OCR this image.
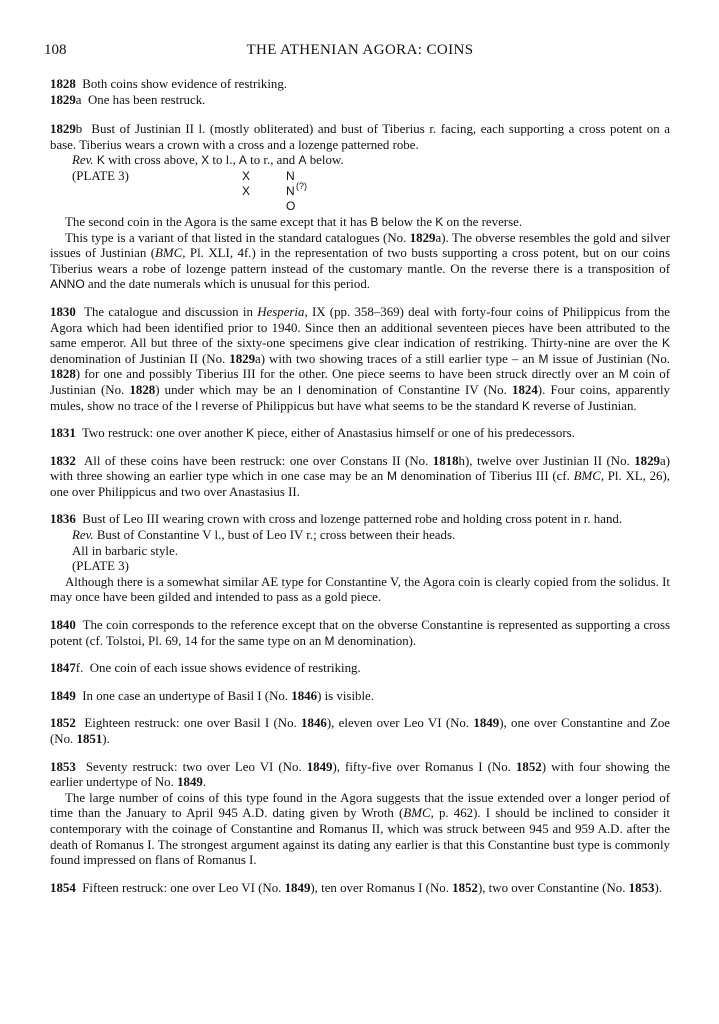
108	THE ATHENIAN AGORA: COINS

1828 Both coins show evidence of restriking.

1829a One has been restruck.

1829b Bust of Justinian II l. (mostly obliterated) and bust of Tiberius r. facing, each supporting a cross potent on a base. Tiberius wears a crown with a cross and a lozenge patterned robe.

Rev. K with cross above, X to l., A to r., and A below.

(PLATE 3)	X
X
N
N (?)
O

The second coin in the Agora is the same except that it has B below the K on the reverse.

This type is a variant of that listed in the standard catalogues (No. 1829a). The obverse resembles the gold and silver issues of Justinian (BMC, Pl. XLI, 4f.) in the representation of two busts supporting a cross potent, but on our coins Tiberius wears a robe of lozenge pattern instead of the customary mantle. On the reverse there is a transposition of ANNO and the date numerals which is unusual for this period.

1830 The catalogue and discussion in Hesperia, IX (pp. 358–369) deal with forty-four coins of Philippicus from the Agora which had been identified prior to 1940. Since then an additional seventeen pieces have been attributed to the same emperor. All but three of the sixty-one specimens give clear indication of restriking. Thirty-nine are over the K denomination of Justinian II (No. 1829a) with two showing traces of a still earlier type – an M issue of Justinian (No. 1828) for one and possibly Tiberius III for the other. One piece seems to have been struck directly over an M coin of Justinian (No. 1828) under which may be an I denomination of Constantine IV (No. 1824). Four coins, apparently mules, show no trace of the I reverse of Philippicus but have what seems to be the standard K reverse of Justinian.

1831 Two restruck: one over another K piece, either of Anastasius himself or one of his predecessors.

1832 All of these coins have been restruck: one over Constans II (No. 1818h), twelve over Justinian II (No. 1829a) with three showing an earlier type which in one case may be an M denomination of Tiberius III (cf. BMC, Pl. XL, 26), one over Philippicus and two over Anastasius II.

1836 Bust of Leo III wearing crown with cross and lozenge patterned robe and holding cross potent in r. hand.

Rev. Bust of Constantine V l., bust of Leo IV r.; cross between their heads.

All in barbaric style.

(PLATE 3)

Although there is a somewhat similar AE type for Constantine V, the Agora coin is clearly copied from the solidus. It may once have been gilded and intended to pass as a gold piece.

1840 The coin corresponds to the reference except that on the obverse Constantine is represented as supporting a cross potent (cf. Tolstoi, Pl. 69, 14 for the same type on an M denomination).

1847f. One coin of each issue shows evidence of restriking.

1849 In one case an undertype of Basil I (No. 1846) is visible.

1852 Eighteen restruck: one over Basil I (No. 1846), eleven over Leo VI (No. 1849), one over Constantine and Zoe (No. 1851).

1853 Seventy restruck: two over Leo VI (No. 1849), fifty-five over Romanus I (No. 1852) with four showing the earlier undertype of No. 1849.

The large number of coins of this type found in the Agora suggests that the issue extended over a longer period of time than the January to April 945 A.D. dating given by Wroth (BMC, p. 462). I should be inclined to consider it contemporary with the coinage of Constantine and Romanus II, which was struck between 945 and 959 A.D. after the death of Romanus I. The strongest argument against its dating any earlier is that this Constantine bust type is commonly found impressed on flans of Romanus I.

1854 Fifteen restruck: one over Leo VI (No. 1849), ten over Romanus I (No. 1852), two over Constantine (No. 1853).
